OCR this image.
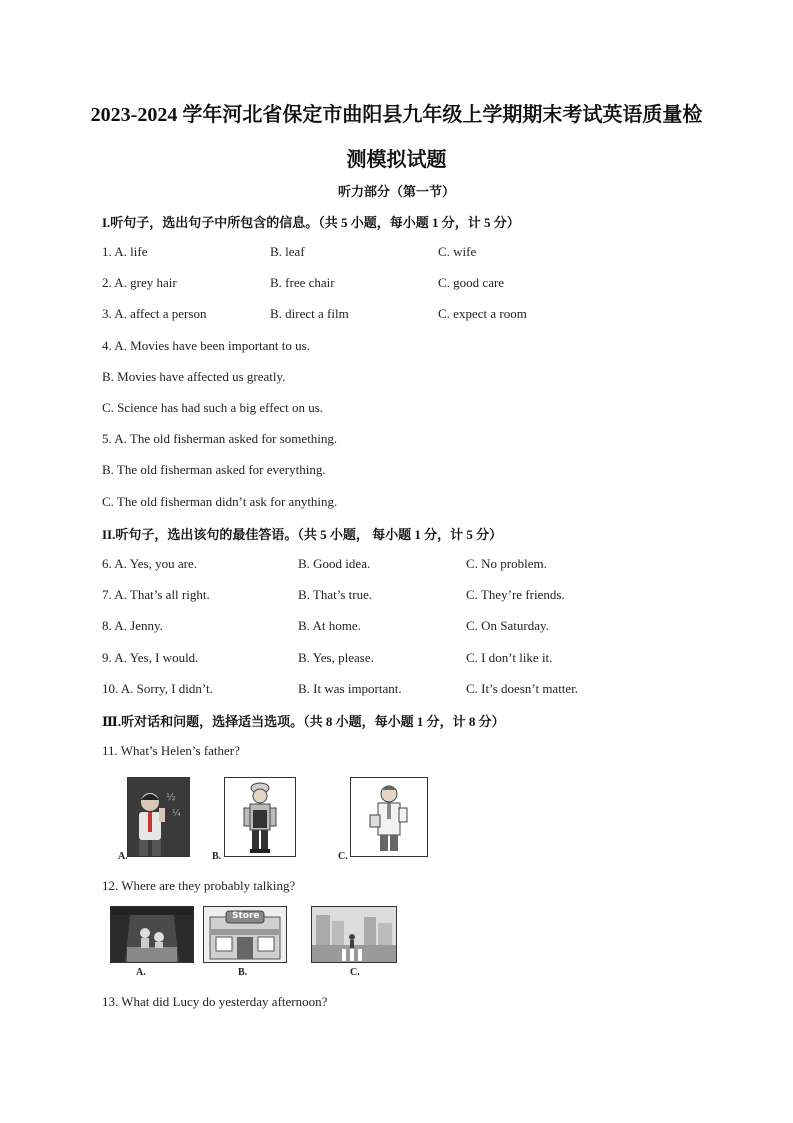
2023-2024 学年河北省保定市曲阳县九年级上学期期末考试英语质量检
测模拟试题
听力部分（第一节）
I.听句子，选出句子中所包含的信息。（共 5 小题，每小题 1 分，计 5 分）
1. A. life	B. leaf	C. wife
2. A. grey hair	B. free chair	C. good care
3. A. affect a person	B. direct a film	C. expect a room
4. A. Movies have been important to us.
B. Movies have affected us greatly.
C. Science has had such a big effect on us.
5. A. The old fisherman asked for something.
B. The old fisherman asked for everything.
C. The old fisherman didn’t ask for anything.
II.听句子，选出该句的最佳答语。（共 5 小题， 每小题 1 分，计 5 分）
6. A. Yes, you are.	B. Good idea.	C. No problem.
7. A. That’s all right.	B. That’s true.	C. They’re friends.
8. A. Jenny.	B. At home.	C. On Saturday.
9. A. Yes, I would.	B. Yes, please.	C. I don’t like it.
10. A. Sorry, I didn’t.	B. It was important.	C. It’s doesn’t matter.
Ⅲ.听对话和问题，选择适当选项。（共 8 小题，每小题 1 分，计 8 分）
11. What’s Helen’s father?
½
¼
A.	B.	C.
12. Where are they probably talking?
A.
Store
B.	C.
13. What did Lucy do yesterday afternoon?
